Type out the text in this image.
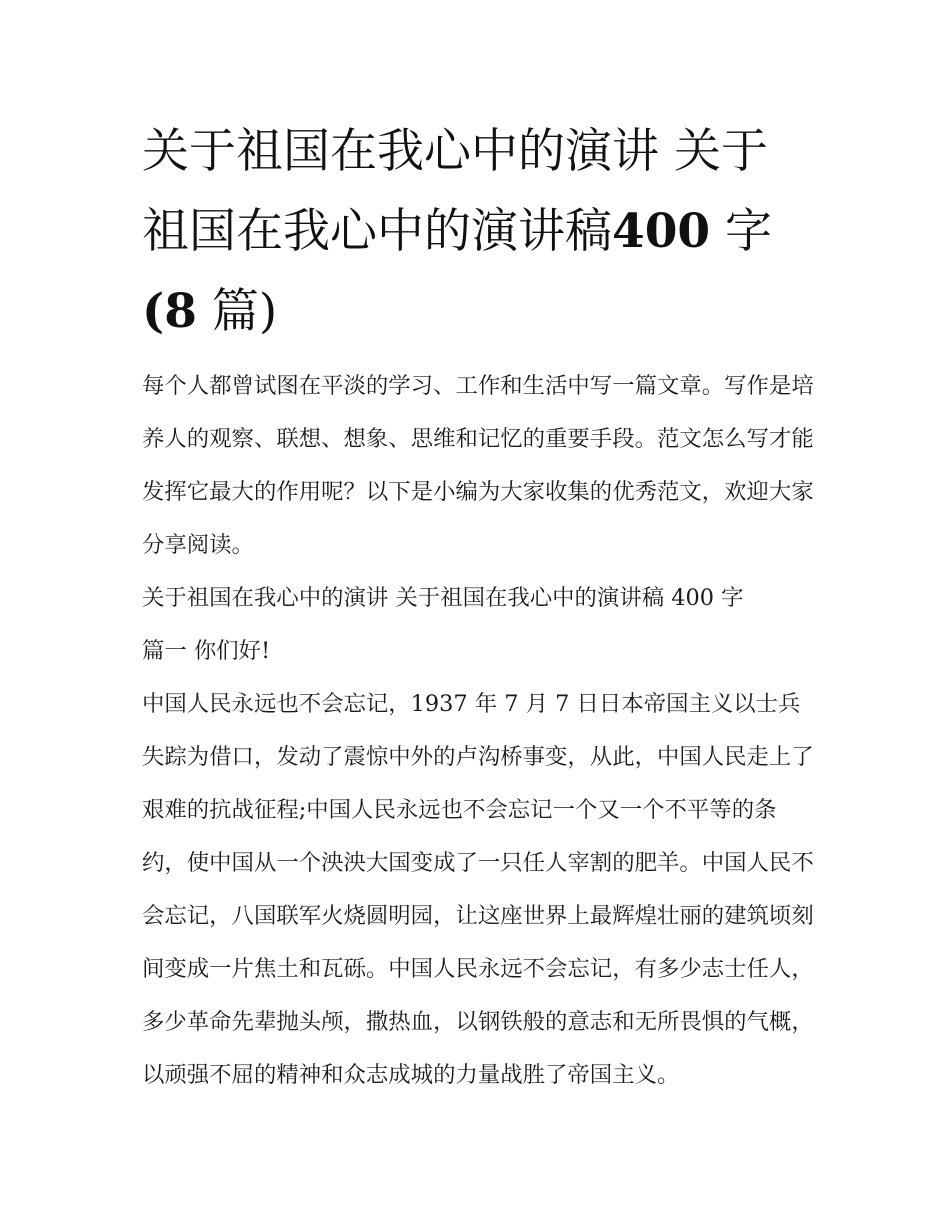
关于祖国在我心中的演讲 关于祖国在我心中的演讲稿400 字
(8 篇)

每个人都曾试图在平淡的学习、工作和生活中写一篇文章。写作是培养人的观察、联想、想象、思维和记忆的重要手段。范文怎么写才能发挥它最大的作用呢？以下是小编为大家收集的优秀范文，欢迎大家分享阅读。

关于祖国在我心中的演讲 关于祖国在我心中的演讲稿 400 字

篇一 你们好!

中国人民永远也不会忘记，1937 年 7 月 7 日日本帝国主义以士兵失踪为借口，发动了震惊中外的卢沟桥事变，从此，中国人民走上了艰难的抗战征程;中国人民永远也不会忘记一个又一个不平等的条约，使中国从一个泱泱大国变成了一只任人宰割的肥羊。中国人民不会忘记，八国联军火烧圆明园，让这座世界上最辉煌壮丽的建筑顷刻间变成一片焦土和瓦砾。中国人民永远不会忘记，有多少志士任人，多少革命先辈抛头颅，撒热血，以钢铁般的意志和无所畏惧的气概，以顽强不屈的精神和众志成城的力量战胜了帝国主义。
